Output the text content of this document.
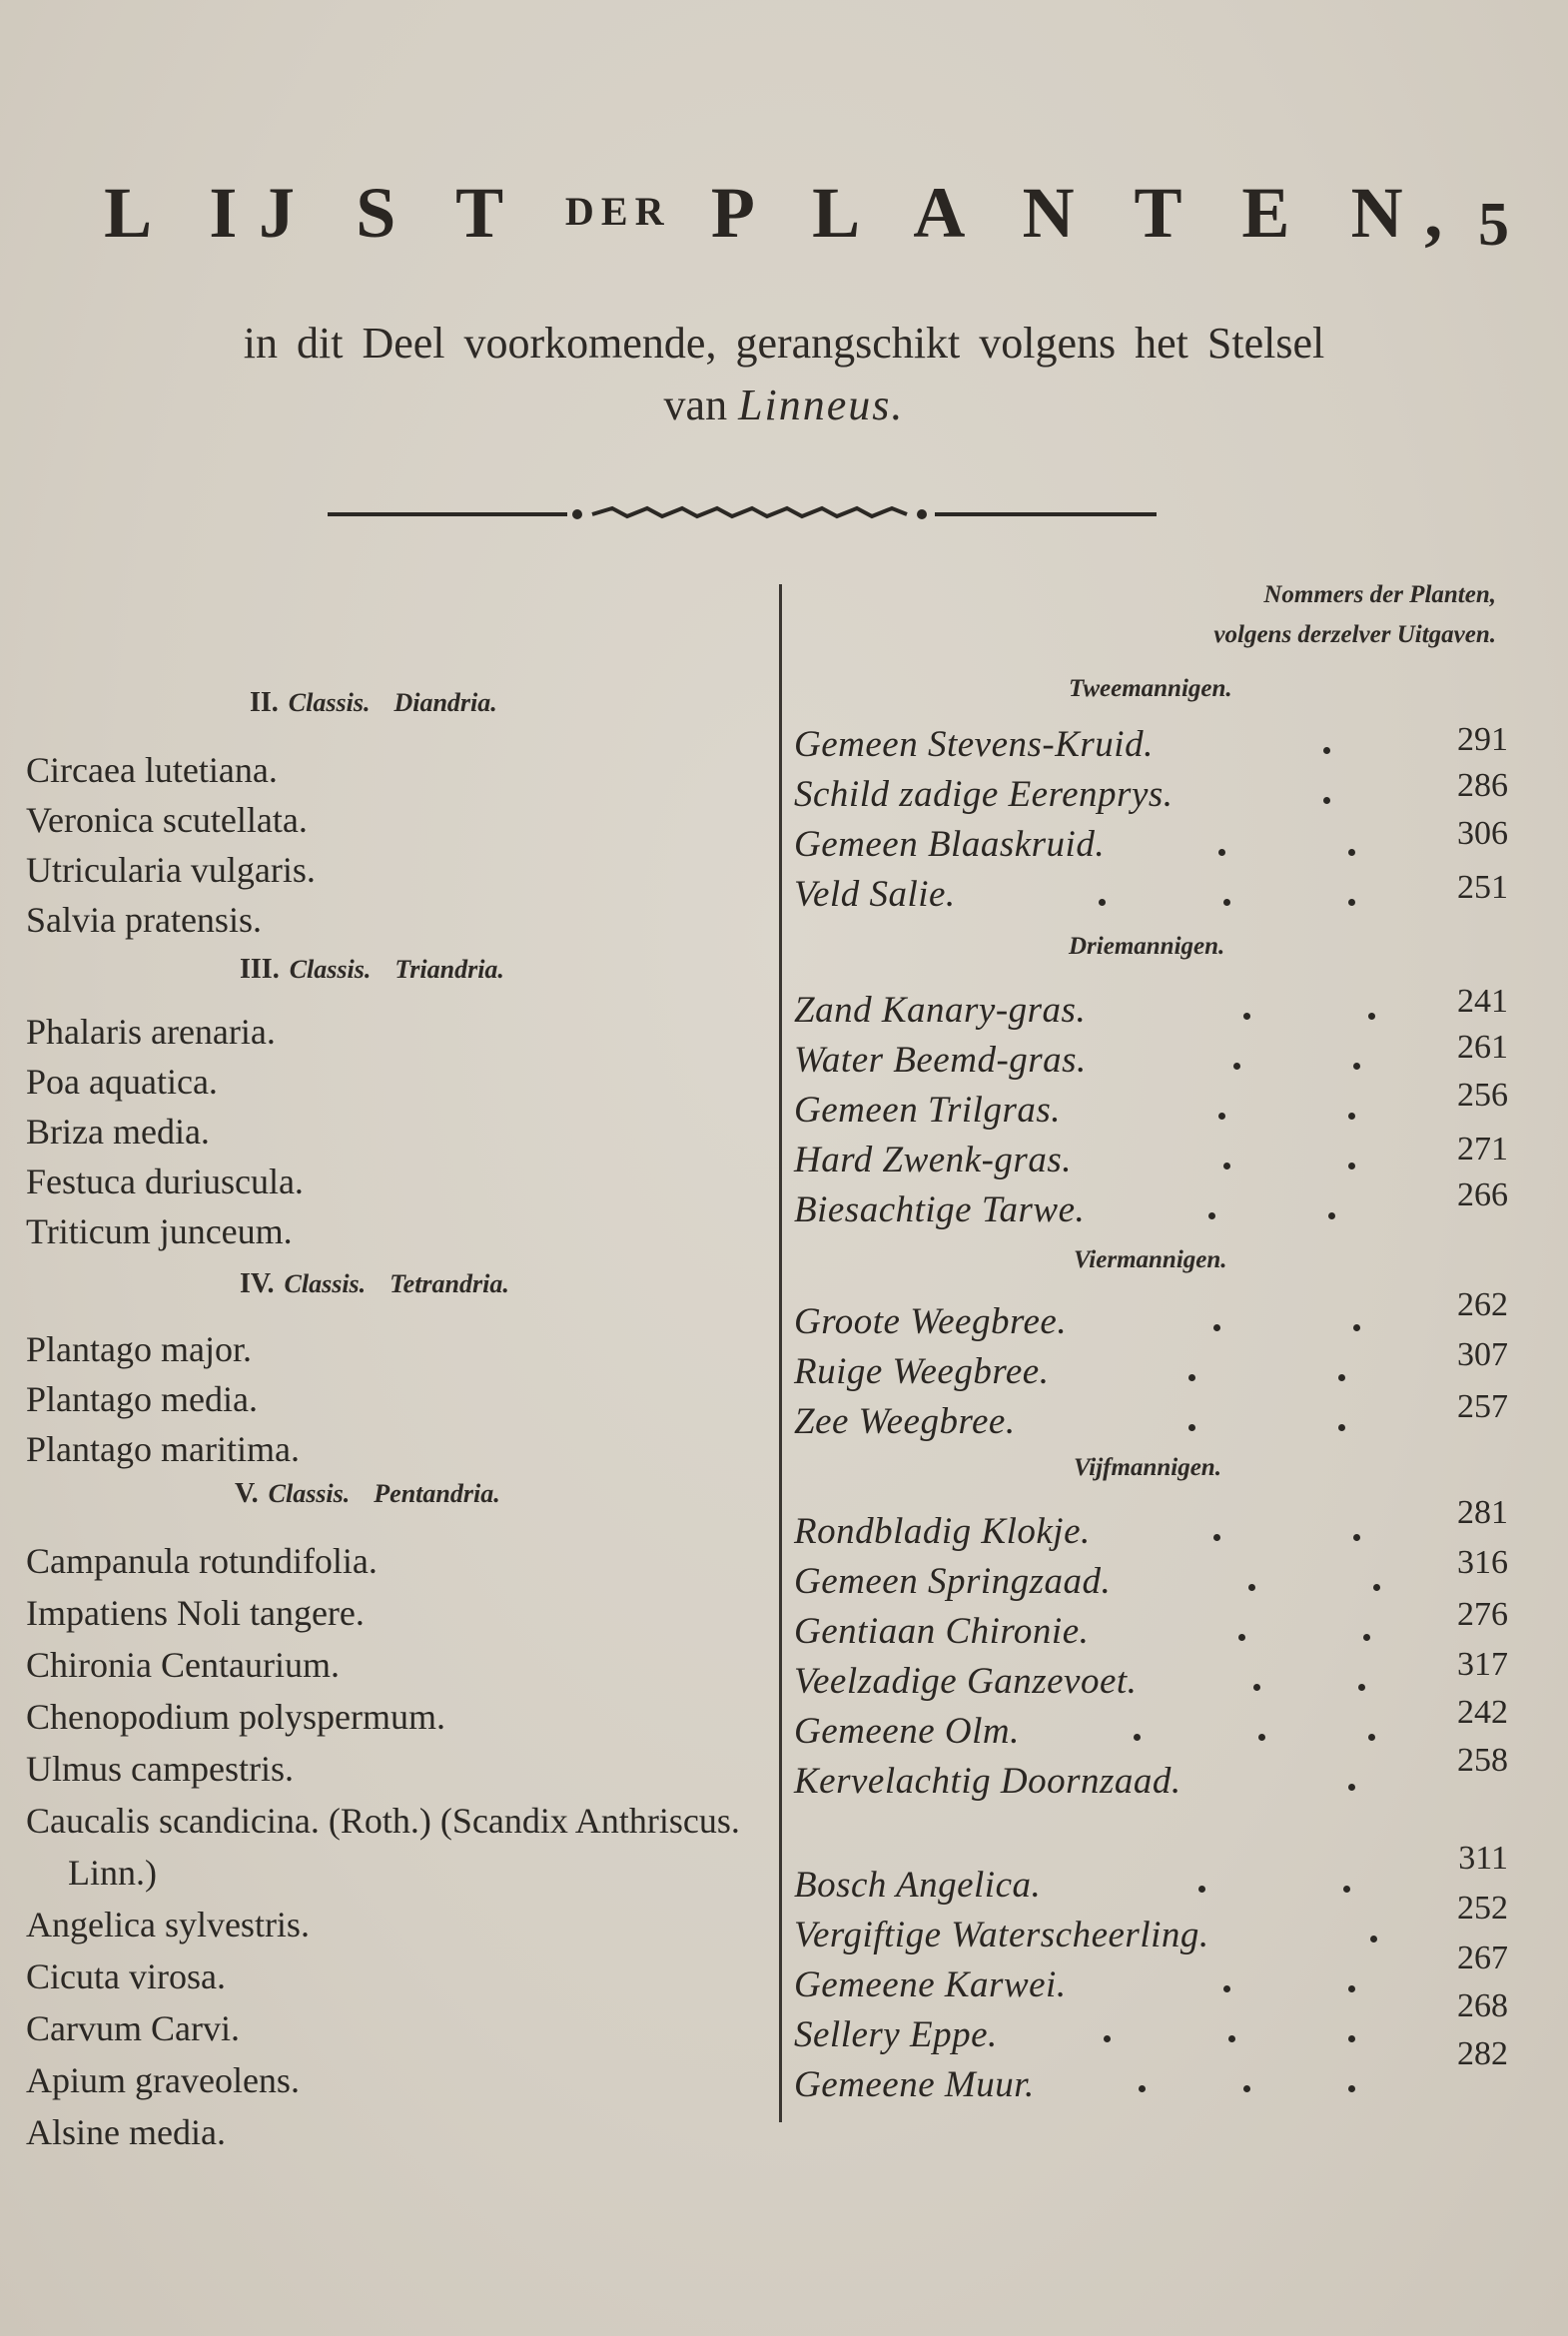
L IJ S T DER P L A N T E N, 5
in dit Deel voorkomende, gerangschikt volgens het Stelsel
van Linneus.
Nommers der Planten,
volgens derzelver Uitgaven.
II. Classis. Diandria.
III. Classis. Triandria.
IV. Classis. Tetrandria.
V. Classis. Pentandria.
Circaea lutetiana.
Veronica scutellata.
Utricularia vulgaris.
Salvia pratensis.
Phalaris arenaria.
Poa aquatica.
Briza media.
Festuca duriuscula.
Triticum junceum.
Plantago major.
Plantago media.
Plantago maritima.
Campanula rotundifolia.
Impatiens Noli tangere.
Chironia Centaurium.
Chenopodium polyspermum.
Ulmus campestris.
Caucalis scandicina. (Roth.) (Scandix Anthriscus.
Linn.)
Angelica sylvestris.
Cicuta virosa.
Carvum Carvi.
Apium graveolens.
Alsine media.
Tweemannigen.
Driemannigen.
Viermannigen.
Vijfmannigen.
Gemeen Stevens-Kruid.
Schild zadige Eerenprys.
Gemeen Blaaskruid.
Veld Salie.
Zand Kanary-gras.
Water Beemd-gras.
Gemeen Trilgras.
Hard Zwenk-gras.
Biesachtige Tarwe.
Groote Weegbree.
Ruige Weegbree.
Zee Weegbree.
Rondbladig Klokje.
Gemeen Springzaad.
Gentiaan Chironie.
Veelzadige Ganzevoet.
Gemeene Olm.
Kervelachtig Doornzaad.
Bosch Angelica.
Vergiftige Waterscheerling.
Gemeene Karwei.
Sellery Eppe.
Gemeene Muur.
291
286
306
251
241
261
256
271
266
262
307
257
281
316
276
317
242
258
311
252
267
268
282
